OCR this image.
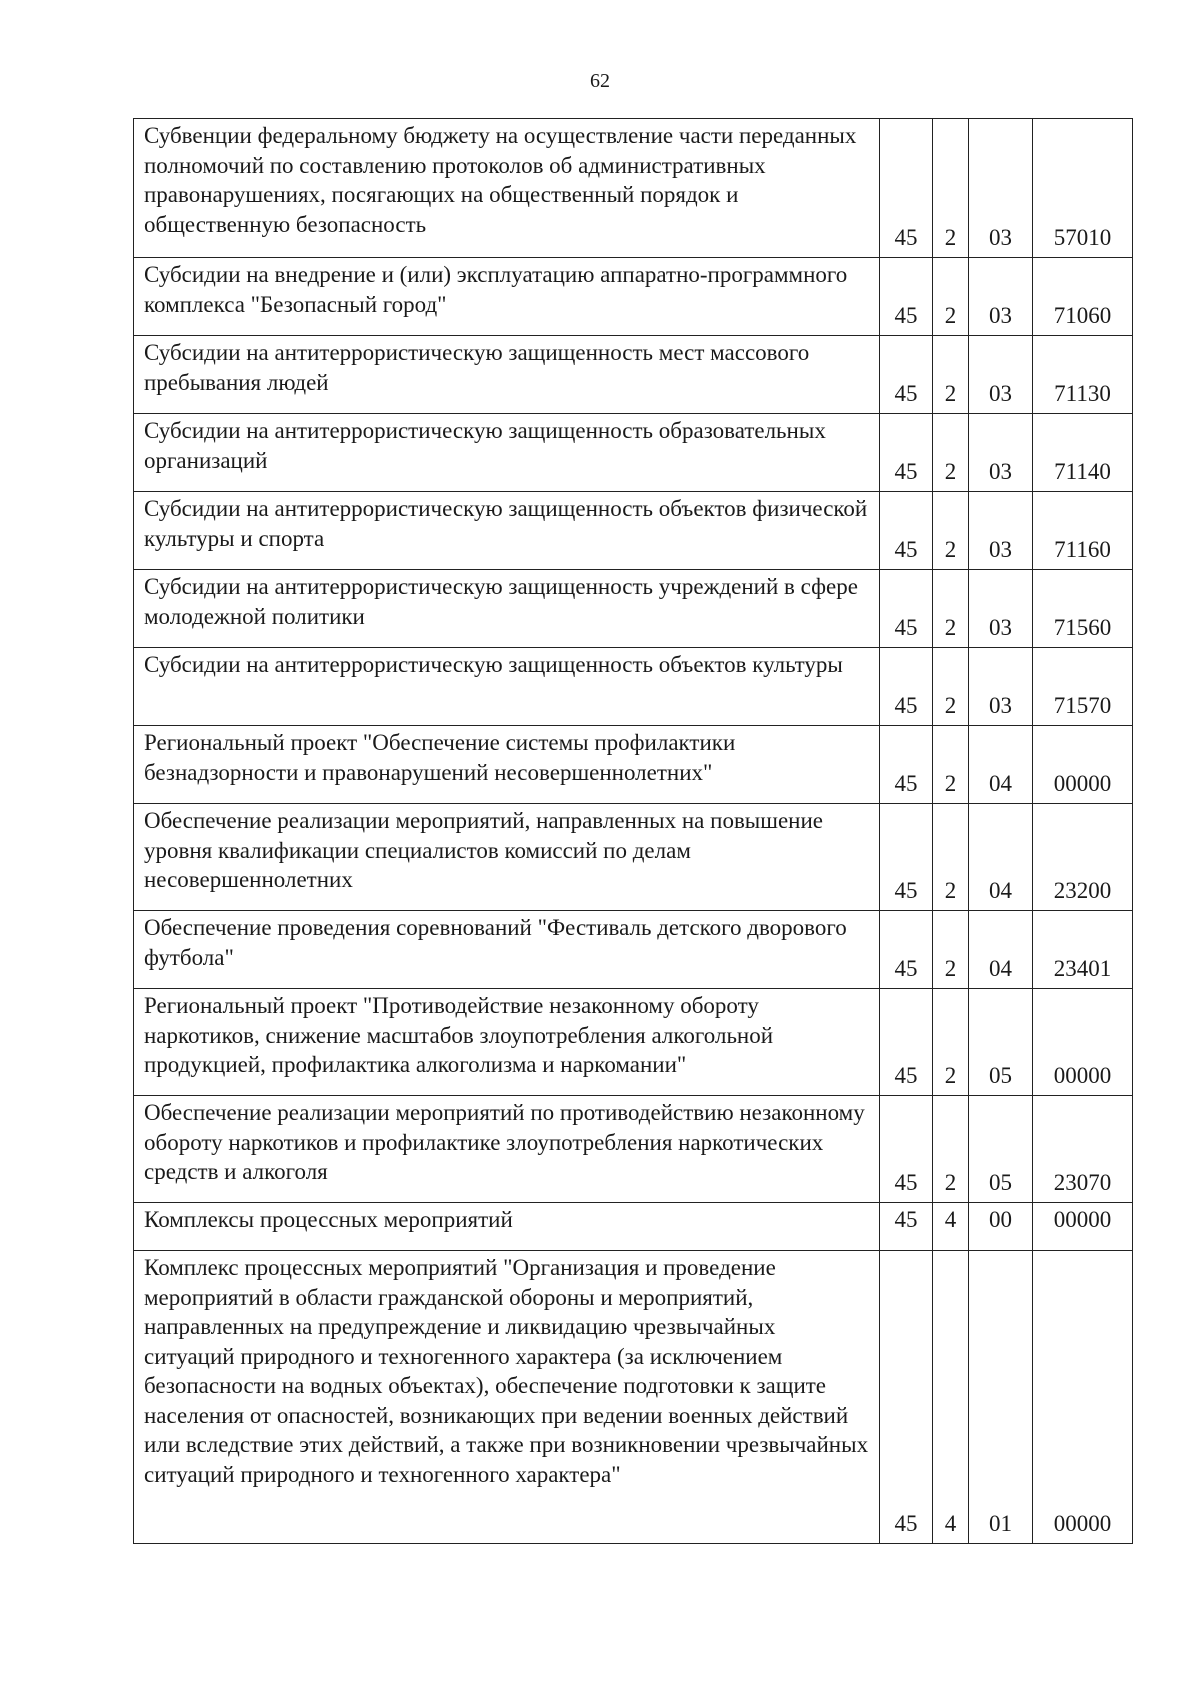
62
Субвенции федеральному бюджету на осуществление части переданных полномочий по составлению протоколов об административных правонарушениях, посягающих на общественный порядок и общественную безопасность	45	2	03	57010
Субсидии на внедрение и (или) эксплуатацию аппаратно-программного комплекса "Безопасный город"	45	2	03	71060
Субсидии на антитеррористическую защищенность мест массового пребывания людей	45	2	03	71130
Субсидии на антитеррористическую защищенность образовательных организаций	45	2	03	71140
Субсидии на антитеррористическую защищенность объектов физической культуры и спорта	45	2	03	71160
Субсидии на антитеррористическую защищенность учреждений в сфере молодежной политики	45	2	03	71560
Субсидии на антитеррористическую защищенность объектов культуры	45	2	03	71570
Региональный проект "Обеспечение системы профилактики безнадзорности и правонарушений несовершеннолетних"	45	2	04	00000
Обеспечение реализации мероприятий, направленных на повышение уровня квалификации специалистов комиссий по делам несовершеннолетних	45	2	04	23200
Обеспечение проведения соревнований "Фестиваль детского дворового футбола"	45	2	04	23401
Региональный проект "Противодействие незаконному обороту наркотиков, снижение масштабов злоупотребления алкогольной продукцией, профилактика алкоголизма и наркомании"	45	2	05	00000
Обеспечение реализации мероприятий по противодействию незаконному обороту наркотиков и профилактике злоупотребления наркотических средств и алкоголя	45	2	05	23070
Комплексы процессных мероприятий	45	4	00	00000
Комплекс процессных мероприятий "Организация и проведение мероприятий в области гражданской обороны и мероприятий, направленных на предупреждение и ликвидацию чрезвычайных ситуаций природного и техногенного характера (за исключением безопасности на водных объектах), обеспечение подготовки к защите населения от опасностей, возникающих при ведении военных действий или вследствие этих действий, а также при возникновении чрезвычайных ситуаций природного и техногенного характера"	45	4	01	00000
